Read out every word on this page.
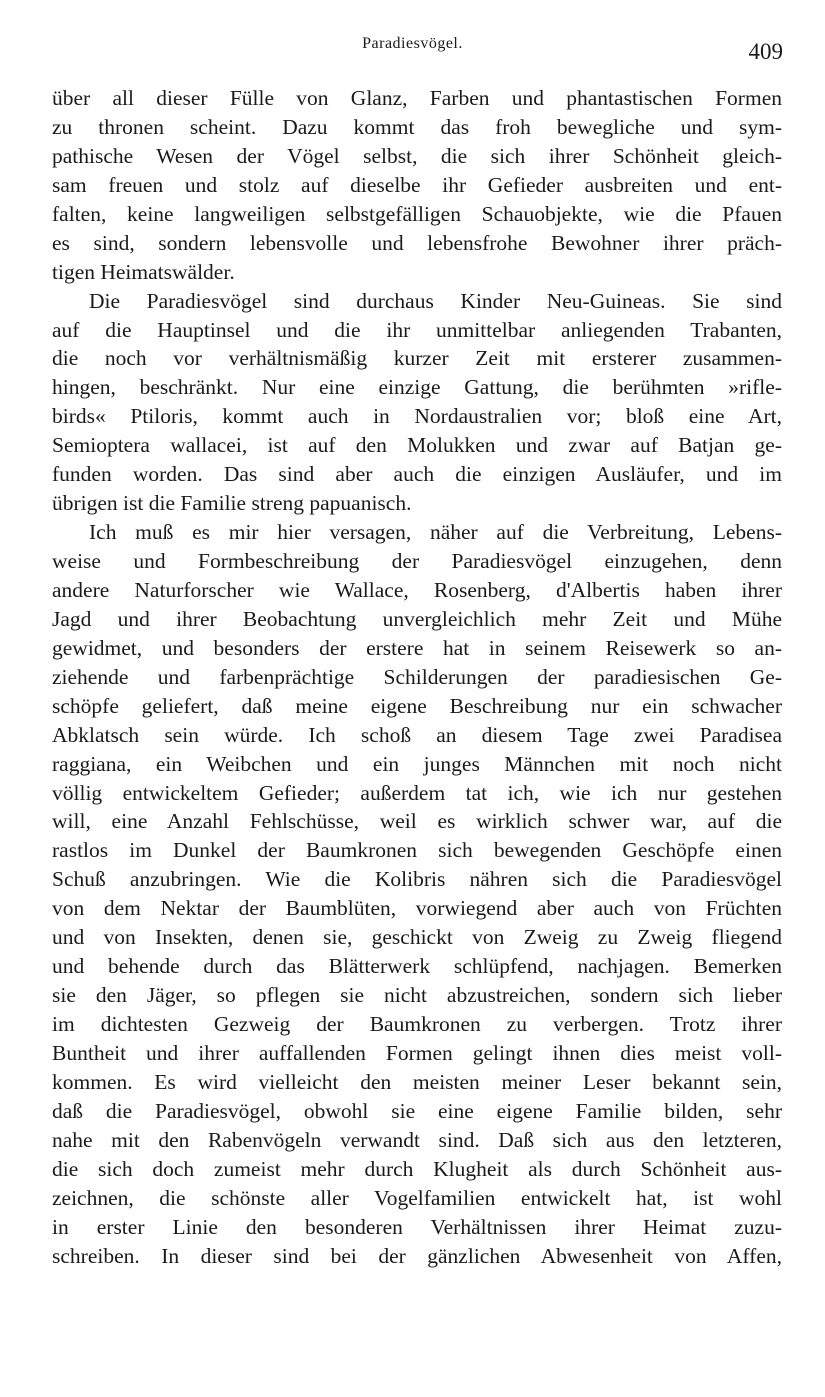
Paradiesvögel.	409
über all dieser Fülle von Glanz, Farben und phantastischen Formen
zu thronen scheint. Dazu kommt das froh bewegliche und sym-
pathische Wesen der Vögel selbst, die sich ihrer Schönheit gleich-
sam freuen und stolz auf dieselbe ihr Gefieder ausbreiten und ent-
falten, keine langweiligen selbstgefälligen Schauobjekte, wie die Pfauen
es sind, sondern lebensvolle und lebensfrohe Bewohner ihrer präch-
tigen Heimatswälder.
Die Paradiesvögel sind durchaus Kinder Neu-Guineas. Sie sind
auf die Hauptinsel und die ihr unmittelbar anliegenden Trabanten,
die noch vor verhältnismäßig kurzer Zeit mit ersterer zusammen-
hingen, beschränkt. Nur eine einzige Gattung, die berühmten »rifle-
birds« Ptiloris, kommt auch in Nordaustralien vor; bloß eine Art,
Semioptera wallacei, ist auf den Molukken und zwar auf Batjan ge-
funden worden. Das sind aber auch die einzigen Ausläufer, und im
übrigen ist die Familie streng papuanisch.
Ich muß es mir hier versagen, näher auf die Verbreitung, Lebens-
weise und Formbeschreibung der Paradiesvögel einzugehen, denn
andere Naturforscher wie Wallace, Rosenberg, d'Albertis haben ihrer
Jagd und ihrer Beobachtung unvergleichlich mehr Zeit und Mühe
gewidmet, und besonders der erstere hat in seinem Reisewerk so an-
ziehende und farbenprächtige Schilderungen der paradiesischen Ge-
schöpfe geliefert, daß meine eigene Beschreibung nur ein schwacher
Abklatsch sein würde. Ich schoß an diesem Tage zwei Paradisea
raggiana, ein Weibchen und ein junges Männchen mit noch nicht
völlig entwickeltem Gefieder; außerdem tat ich, wie ich nur gestehen
will, eine Anzahl Fehlschüsse, weil es wirklich schwer war, auf die
rastlos im Dunkel der Baumkronen sich bewegenden Geschöpfe einen
Schuß anzubringen. Wie die Kolibris nähren sich die Paradiesvögel
von dem Nektar der Baumblüten, vorwiegend aber auch von Früchten
und von Insekten, denen sie, geschickt von Zweig zu Zweig fliegend
und behende durch das Blätterwerk schlüpfend, nachjagen. Bemerken
sie den Jäger, so pflegen sie nicht abzustreichen, sondern sich lieber
im dichtesten Gezweig der Baumkronen zu verbergen. Trotz ihrer
Buntheit und ihrer auffallenden Formen gelingt ihnen dies meist voll-
kommen. Es wird vielleicht den meisten meiner Leser bekannt sein,
daß die Paradiesvögel, obwohl sie eine eigene Familie bilden, sehr
nahe mit den Rabenvögeln verwandt sind. Daß sich aus den letzteren,
die sich doch zumeist mehr durch Klugheit als durch Schönheit aus-
zeichnen, die schönste aller Vogelfamilien entwickelt hat, ist wohl
in erster Linie den besonderen Verhältnissen ihrer Heimat zuzu-
schreiben. In dieser sind bei der gänzlichen Abwesenheit von Affen,
